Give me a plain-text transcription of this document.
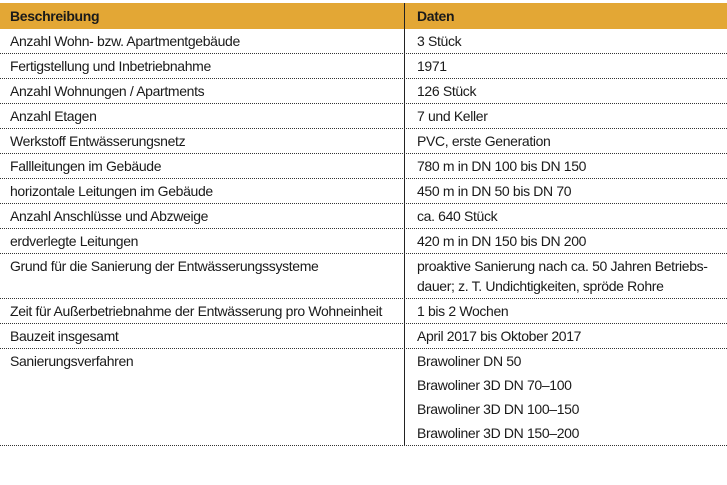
Beschreibung	Daten
Anzahl Wohn- bzw. Apartmentgebäude	3 Stück
Fertigstellung und Inbetriebnahme	1971
Anzahl Wohnungen / Apartments	126 Stück
Anzahl Etagen	7 und Keller
Werkstoff Entwässerungsnetz	PVC, erste Generation
Fallleitungen im Gebäude	780 m in DN 100 bis DN 150
horizontale Leitungen im Gebäude	450 m in DN 50 bis DN 70
Anzahl Anschlüsse und Abzweige	ca. 640 Stück
erdverlegte Leitungen	420 m in DN 150 bis DN 200
Grund für die Sanierung der Entwässerungssysteme	proaktive Sanierung nach ca. 50 Jahren Betriebs-
dauer; z. T. Undichtigkeiten, spröde Rohre
Zeit für Außerbetriebnahme der Entwässerung pro Wohneinheit	1 bis 2 Wochen
Bauzeit insgesamt	April 2017 bis Oktober 2017
Sanierungsverfahren	Brawoliner DN 50
Brawoliner 3D DN 70–100
Brawoliner 3D DN 100–150
Brawoliner 3D DN 150–200
